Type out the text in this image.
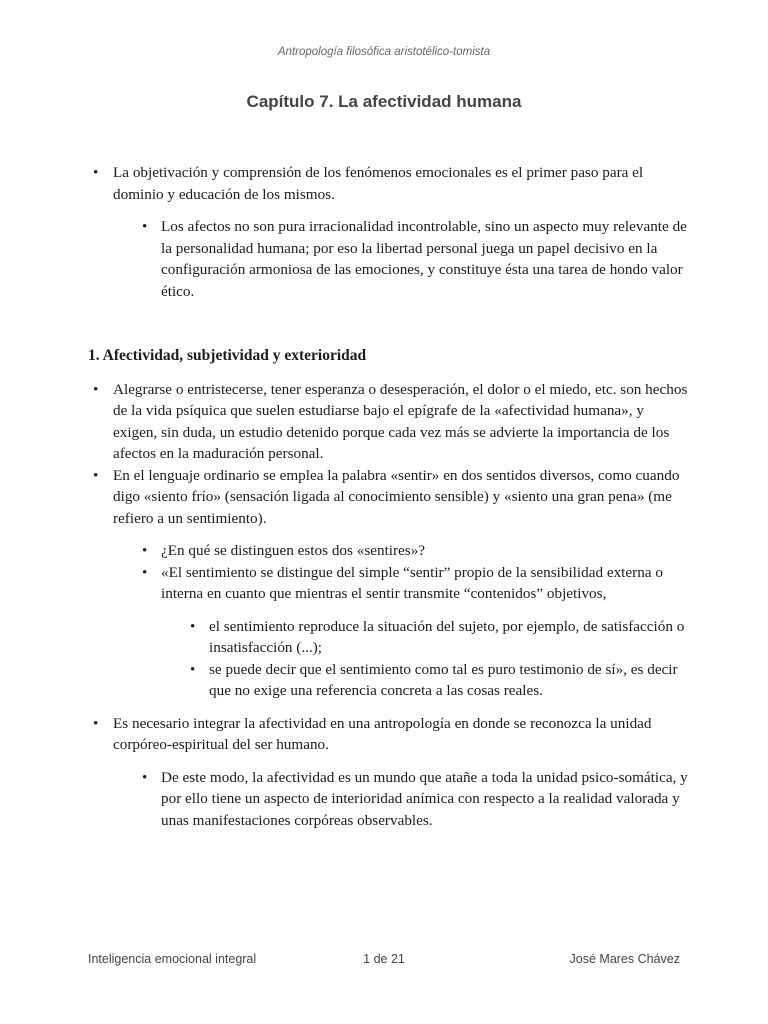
Antropología filosófica aristotélico-tomista
Capítulo 7. La afectividad humana
• La objetivación y comprensión de los fenómenos emocionales es el primer paso para el dominio y educación de los mismos.
• Los afectos no son pura irracionalidad incontrolable, sino un aspecto muy relevante de la personalidad humana; por eso la libertad personal juega un papel decisivo en la configuración armoniosa de las emociones, y constituye ésta una tarea de hondo valor ético.
1. Afectividad, subjetividad y exterioridad
• Alegrarse o entristecerse, tener esperanza o desesperación, el dolor o el miedo, etc. son hechos de la vida psíquica que suelen estudiarse bajo el epígrafe de la «afectividad humana», y exigen, sin duda, un estudio detenido porque cada vez más se advierte la importancia de los afectos en la maduración personal.
• En el lenguaje ordinario se emplea la palabra «sentir» en dos sentidos diversos, como cuando digo «siento frío» (sensación ligada al conocimiento sensible) y «siento una gran pena» (me refiero a un sentimiento).
• ¿En qué se distinguen estos dos «sentires»?
• «El sentimiento se distingue del simple “sentir” propio de la sensibilidad externa o interna en cuanto que mientras el sentir transmite “contenidos” objetivos,
• el sentimiento reproduce la situación del sujeto, por ejemplo, de satisfacción o insatisfacción (...);
• se puede decir que el sentimiento como tal es puro testimonio de sí», es decir que no exige una referencia concreta a las cosas reales.
• Es necesario integrar la afectividad en una antropología en donde se reconozca la unidad corpóreo-espiritual del ser humano.
• De este modo, la afectividad es un mundo que atañe a toda la unidad psico-somática, y por ello tiene un aspecto de interioridad anímica con respecto a la realidad valorada y unas manifestaciones corpóreas observables.
Inteligencia emocional integral	1 de 21	José Mares Chávez
